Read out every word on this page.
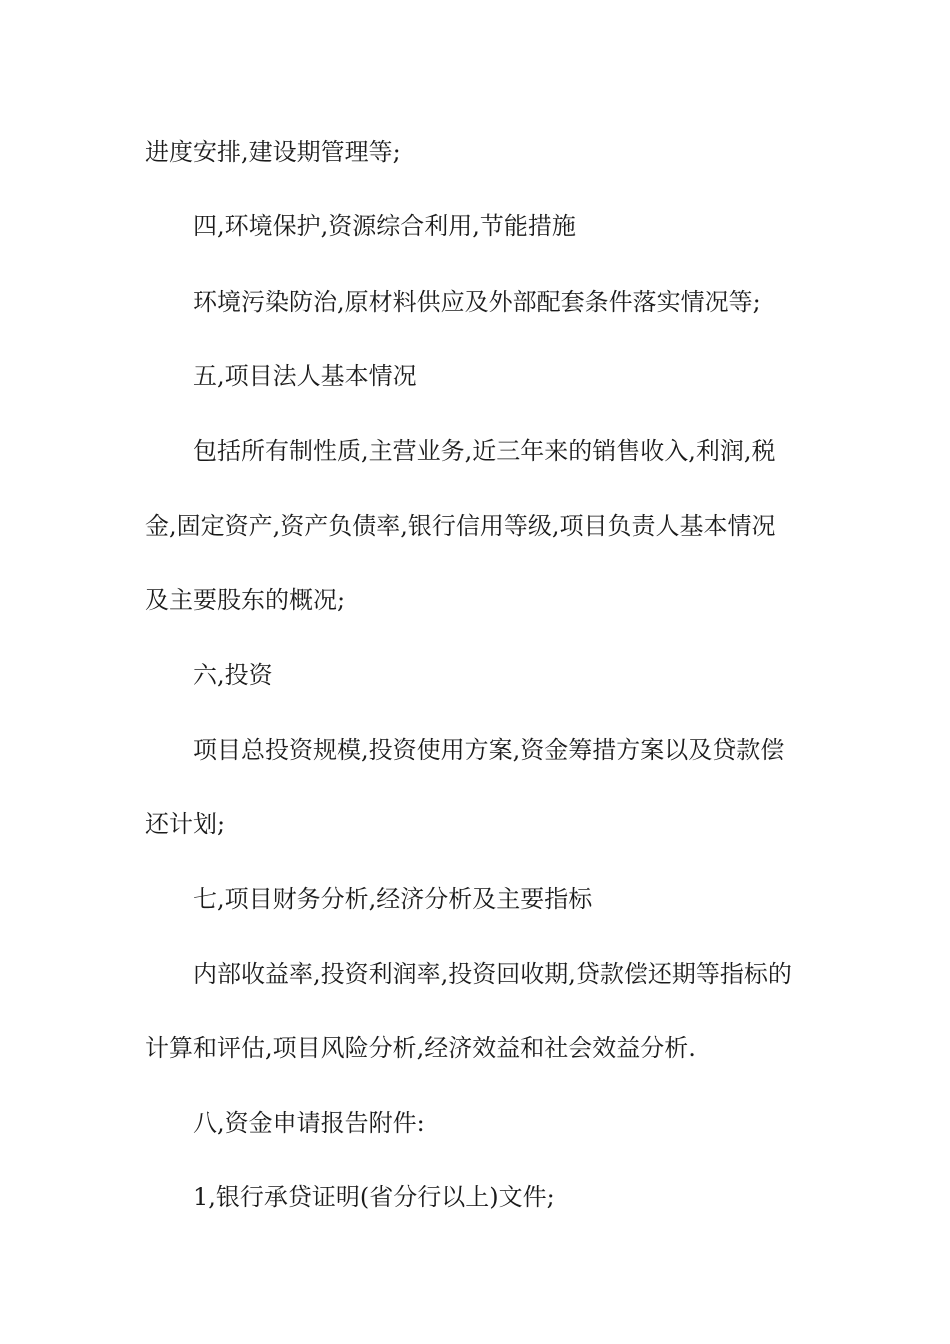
进度安排,建设期管理等;
四,环境保护,资源综合利用,节能措施
环境污染防治,原材料供应及外部配套条件落实情况等;
五,项目法人基本情况
包括所有制性质,主营业务,近三年来的销售收入,利润,税
金,固定资产,资产负债率,银行信用等级,项目负责人基本情况
及主要股东的概况;
六,投资
项目总投资规模,投资使用方案,资金筹措方案以及贷款偿
还计划;
七,项目财务分析,经济分析及主要指标
内部收益率,投资利润率,投资回收期,贷款偿还期等指标的
计算和评估,项目风险分析,经济效益和社会效益分析.
八,资金申请报告附件:
1,银行承贷证明(省分行以上)文件;
